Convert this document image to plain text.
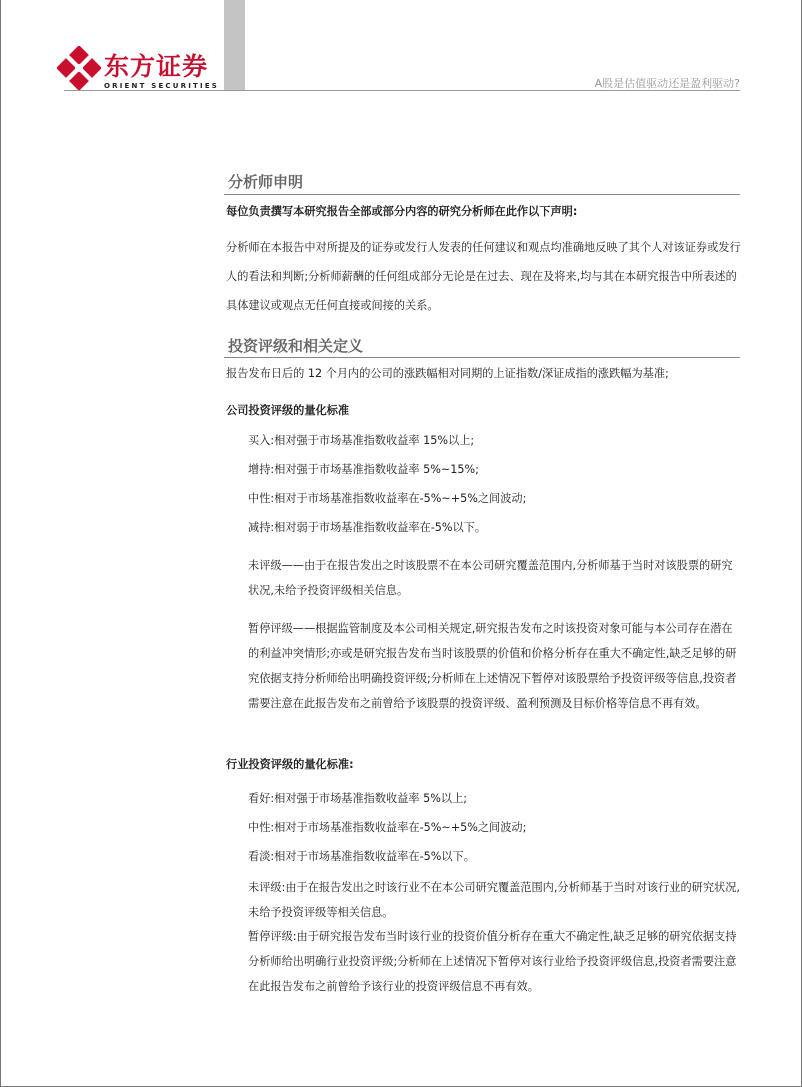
东方证券
ORIENT SECURITIES	A股是估值驱动还是盈利驱动?
分析师申明
每位负责撰写本研究报告全部或部分内容的研究分析师在此作以下声明:
分析师在本报告中对所提及的证券或发行人发表的任何建议和观点均准确地反映了其个人对该证券或发行人的看法和判断;分析师薪酬的任何组成部分无论是在过去、现在及将来,均与其在本研究报告中所表述的具体建议或观点无任何直接或间接的关系。
投资评级和相关定义
报告发布日后的 12 个月内的公司的涨跌幅相对同期的上证指数/深证成指的涨跌幅为基准;
公司投资评级的量化标准
买入:相对强于市场基准指数收益率 15%以上;
增持:相对强于市场基准指数收益率 5%~15%;
中性:相对于市场基准指数收益率在-5%~+5%之间波动;
减持:相对弱于市场基准指数收益率在-5%以下。
未评级——由于在报告发出之时该股票不在本公司研究覆盖范围内,分析师基于当时对该股票的研究状况,未给予投资评级相关信息。
暂停评级——根据监管制度及本公司相关规定,研究报告发布之时该投资对象可能与本公司存在潜在的利益冲突情形;亦或是研究报告发布当时该股票的价值和价格分析存在重大不确定性,缺乏足够的研究依据支持分析师给出明确投资评级;分析师在上述情况下暂停对该股票给予投资评级等信息,投资者需要注意在此报告发布之前曾给予该股票的投资评级、盈利预测及目标价格等信息不再有效。
行业投资评级的量化标准:
看好:相对强于市场基准指数收益率 5%以上;
中性:相对于市场基准指数收益率在-5%~+5%之间波动;
看淡:相对于市场基准指数收益率在-5%以下。
未评级:由于在报告发出之时该行业不在本公司研究覆盖范围内,分析师基于当时对该行业的研究状况,未给予投资评级等相关信息。
暂停评级:由于研究报告发布当时该行业的投资价值分析存在重大不确定性,缺乏足够的研究依据支持分析师给出明确行业投资评级;分析师在上述情况下暂停对该行业给予投资评级信息,投资者需要注意在此报告发布之前曾给予该行业的投资评级信息不再有效。
